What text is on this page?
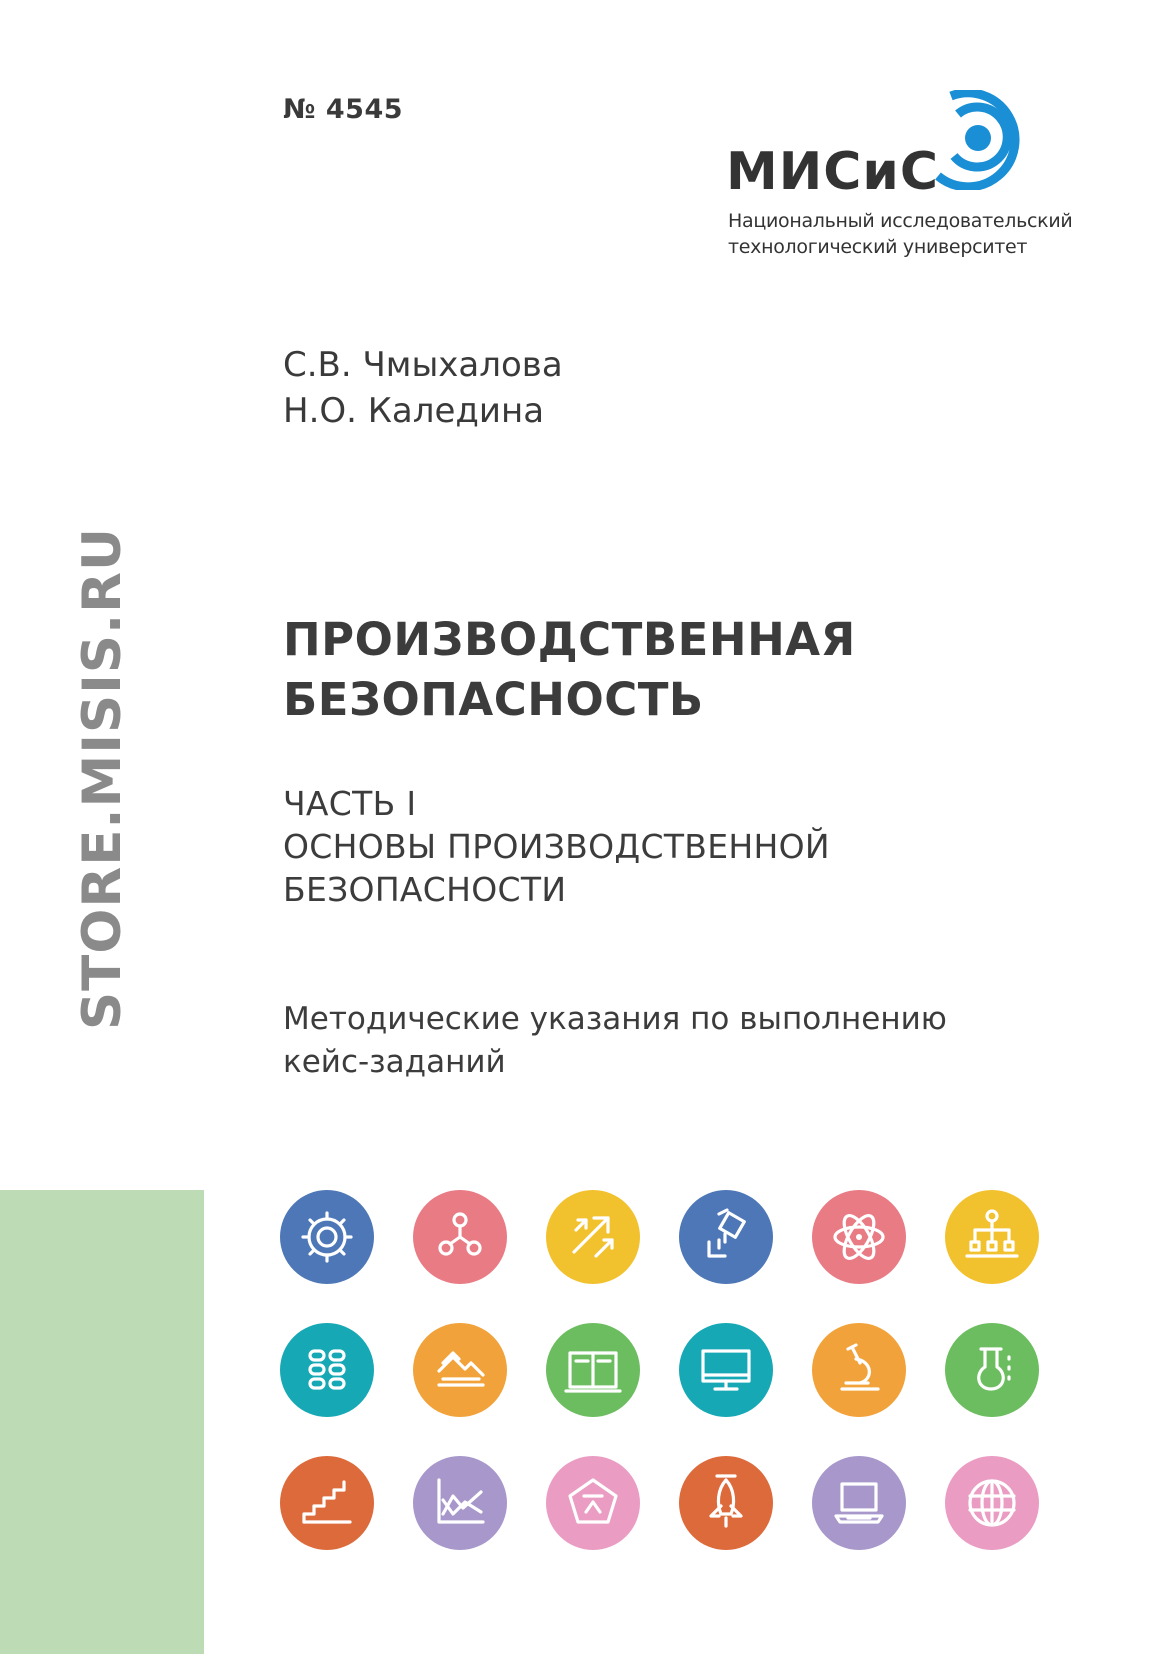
№ 4545
МИСиС
Национальный исследовательский
технологический университет
С.В. Чмыхалова
Н.О. Каледина
ПРОИЗВОДСТВЕННАЯ
БЕЗОПАСНОСТЬ
ЧАСТЬ I
ОСНОВЫ ПРОИЗВОДСТВЕННОЙ
БЕЗОПАСНОСТИ
Методические указания по выполнению
кейс-заданий
STORE.MISIS.RU
